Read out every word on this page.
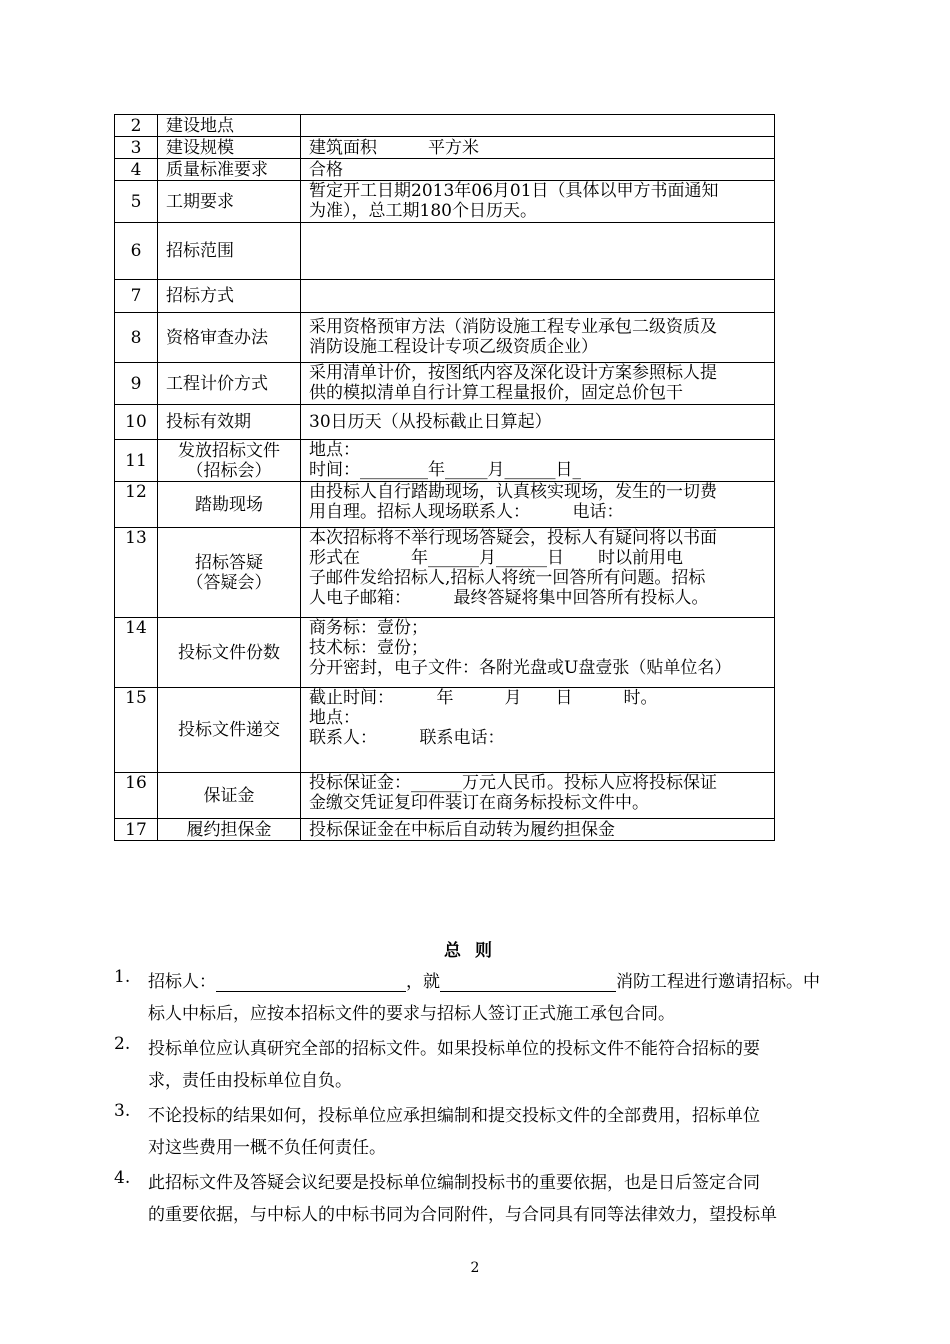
2	建设地点	

3	建设规模	建筑面积　　　平方米

4	质量标准要求	合格

5	工期要求	暂定开工日期2013年06月01日（具体以甲方书面通知
为准），总工期180个日历天。

6	招标范围	

7	招标方式	

8	资格审查办法	采用资格预审方法（消防设施工程专业承包二级资质及
消防设施工程设计专项乙级资质企业）

9	工程计价方式	采用清单计价，按图纸内容及深化设计方案参照标人提
供的模拟清单自行计算工程量报价，固定总价包干

10	投标有效期	30日历天（从投标截止日算起）

11	发放招标文件
（招标会）	地点：
时间：________年_____月______日_

12	踏勘现场	由投标人自行踏勘现场，认真核实现场，发生的一切费
用自理。招标人现场联系人：　　　电话：

13	招标答疑
（答疑会）	本次招标将不举行现场答疑会，投标人有疑问将以书面
形式在　　　年______月______日　　时以前用电
子邮件发给招标人,招标人将统一回答所有问题。招标
人电子邮箱：　　　最终答疑将集中回答所有投标人。

14	投标文件份数	商务标：壹份；
技术标：壹份；
分开密封，电子文件：各附光盘或U盘壹张（贴单位名）

15	投标文件递交	截止时间：　　　年　　　月　　日　　　时。
地点：
联系人：　　　联系电话：

16	保证金	投标保证金：______万元人民币。投标人应将投标保证
金缴交凭证复印件装订在商务标投标文件中。

17	履约担保金	投标保证金在中标后自动转为履约担保金
总则
1. 招标人：	，就	消防工程进行邀请招标。中
标人中标后，应按本招标文件的要求与招标人签订正式施工承包合同。
2. 投标单位应认真研究全部的招标文件。如果投标单位的投标文件不能符合招标的要
求，责任由投标单位自负。
3. 不论投标的结果如何，投标单位应承担编制和提交投标文件的全部费用，招标单位
对这些费用一概不负任何责任。
4. 此招标文件及答疑会议纪要是投标单位编制投标书的重要依据，也是日后签定合同
的重要依据，与中标人的中标书同为合同附件，与合同具有同等法律效力，望投标单
2
